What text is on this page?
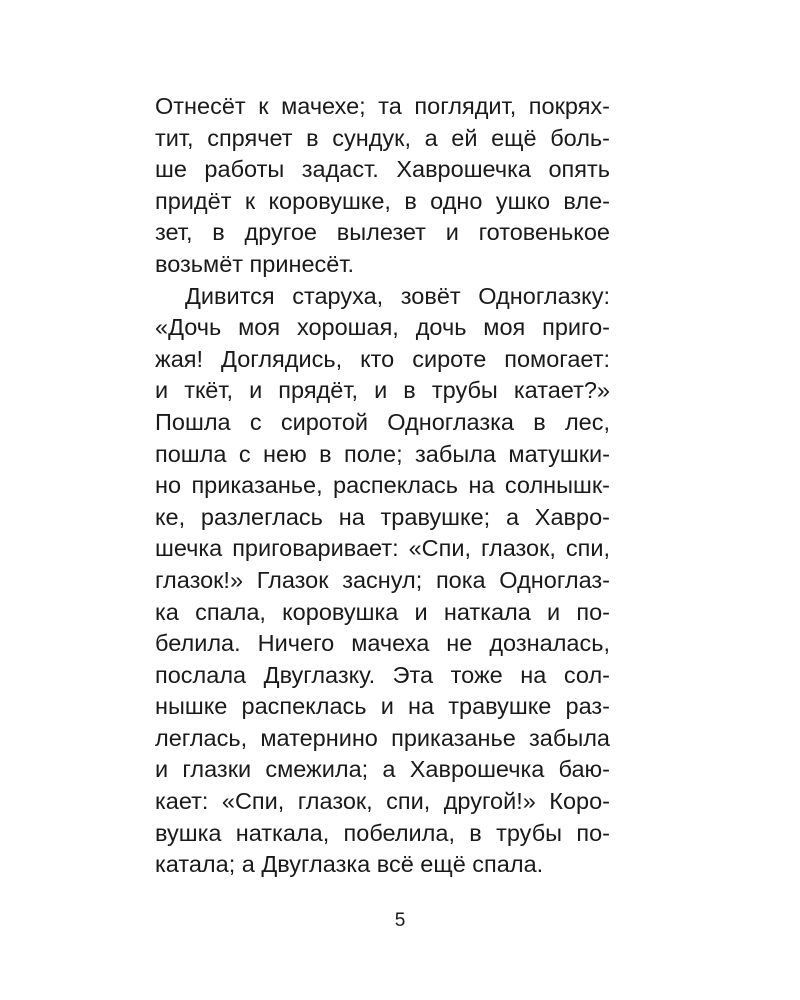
Отнесёт к мачехе; та поглядит, покрях-
тит, спрячет в сундук, а ей ещё боль-
ше работы задаст. Хаврошечка опять
придёт к коровушке, в одно ушко вле-
зет, в другое вылезет и готовенькое
возьмёт принесёт.
Дивится старуха, зовёт Одноглазку:
«Дочь моя хорошая, дочь моя приго-
жая! Доглядись, кто сироте помогает:
и ткёт, и прядёт, и в трубы катает?»
Пошла с сиротой Одноглазка в лес,
пошла с нею в поле; забыла матушки-
но приказанье, распеклась на солнышк-
ке, разлеглась на травушке; а Хавро-
шечка приговаривает: «Спи, глазок, спи,
глазок!» Глазок заснул; пока Одноглаз-
ка спала, коровушка и наткала и по-
белила. Ничего мачеха не дозналась,
послала Двуглазку. Эта тоже на сол-
нышке распеклась и на травушке раз-
леглась, матернино приказанье забыла
и глазки смежила; а Хаврошечка баю-
кает: «Спи, глазок, спи, другой!» Коро-
вушка наткала, побелила, в трубы по-
катала; а Двуглазка всё ещё спала.
5
